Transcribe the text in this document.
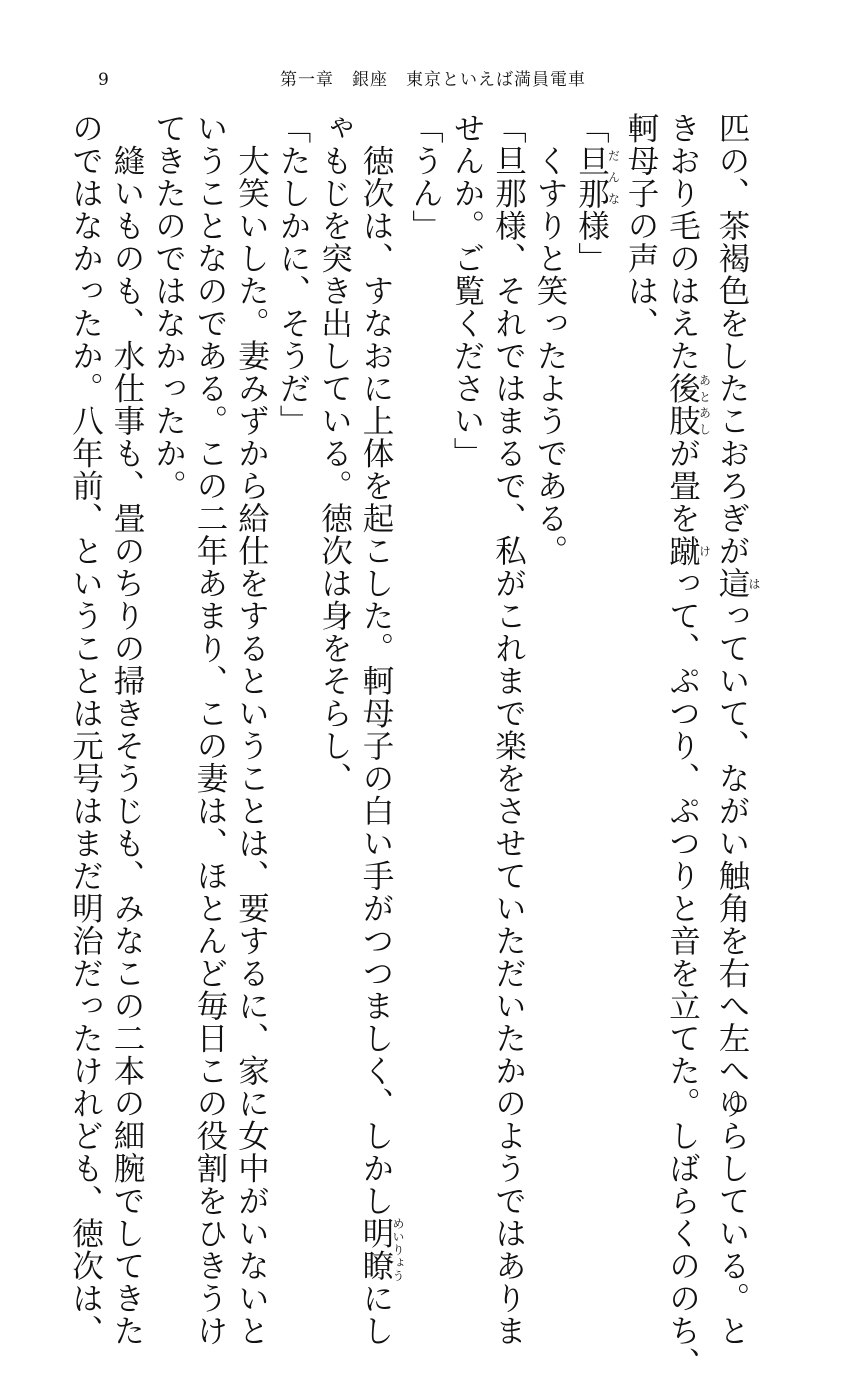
9	第一章　銀座　東京といえば満員電車
匹の、茶褐色をしたこおろぎが這はっていて、ながい触角を右へ左へゆらしている。と
きおり毛のはえた後肢あとあしが畳を蹴けって、ぷつり、ぷつりと音を立てた。しばらくののち、
軻母子の声は、
「旦那だんな様」
　くすりと笑ったようである。
「旦那様、それではまるで、私がこれまで楽をさせていただいたかのようではありま
せんか。ご覧ください」
「うん」
　徳次は、すなおに上体を起こした。軻母子の白い手がつつましく、しかし明瞭めいりょうにし
ゃもじを突き出している。徳次は身をそらし、
「たしかに、そうだ」
　大笑いした。妻みずから給仕をするということは、要するに、家に女中がいないと
いうことなのである。この二年あまり、この妻は、ほとんど毎日この役割をひきうけ
てきたのではなかったか。
　縫いものも、水仕事も、畳のちりの掃きそうじも、みなこの二本の細腕でしてきた
のではなかったか。八年前、ということは元号はまだ明治だったけれども、徳次は、
